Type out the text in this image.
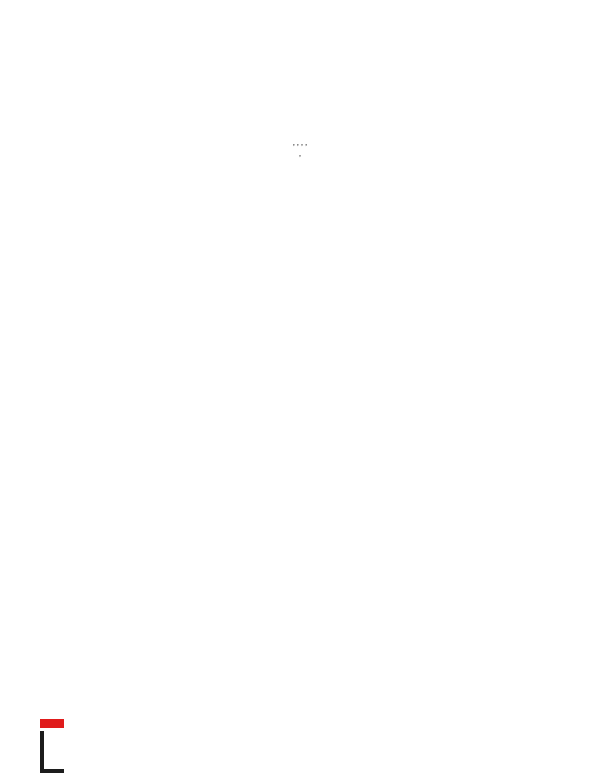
, , , ,
,
